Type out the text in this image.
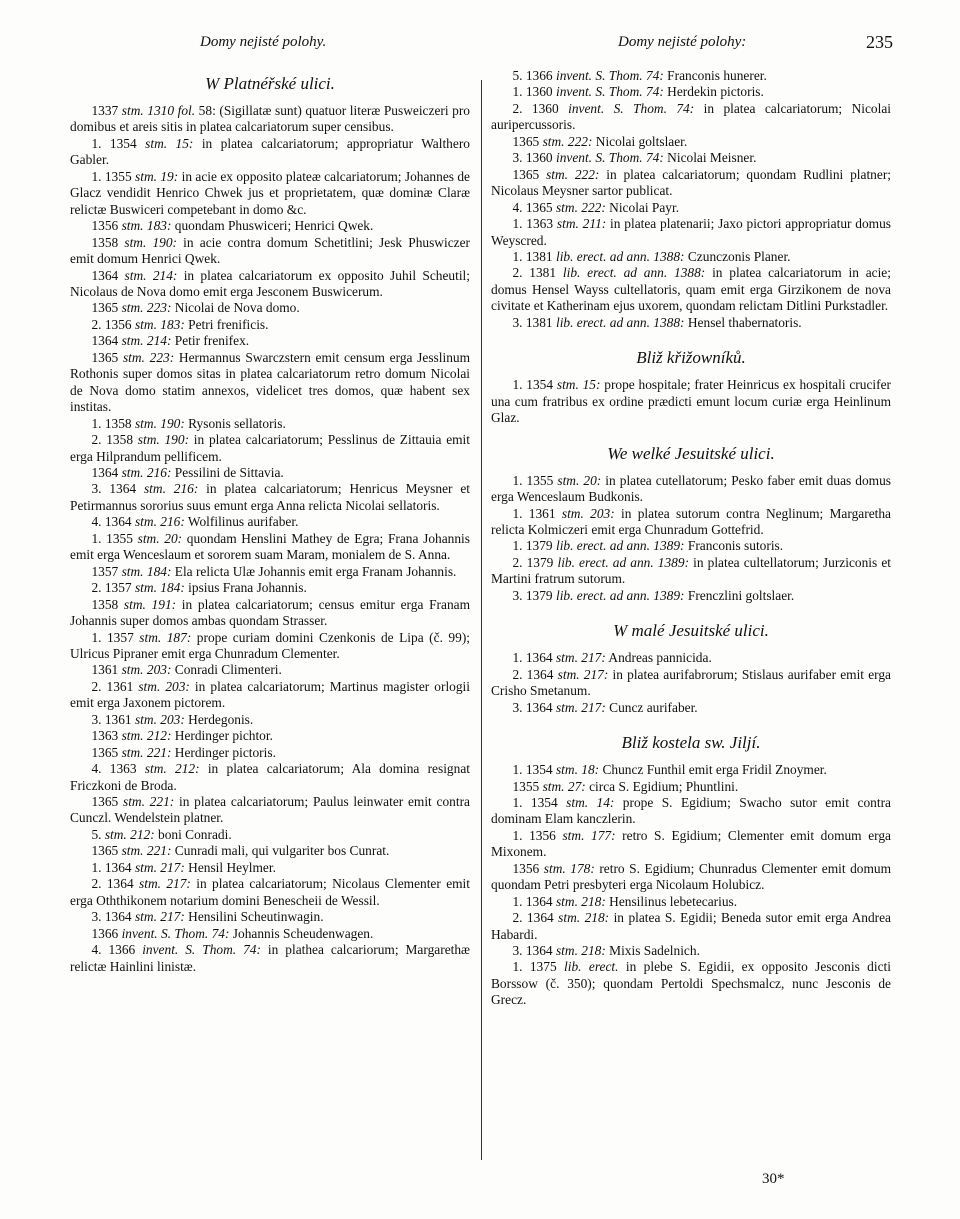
Domy nejisté polohy.	Domy nejisté polohy:	235
W Platnéřské ulici.

1337 stm. 1310 fol. 58: (Sigillatæ sunt) quatuor literæ Pusweiczeri pro domibus et areis sitis in platea calcariatorum super censibus.

1. 1354 stm. 15: in platea calcariatorum; appropriatur Walthero Gabler.

1. 1355 stm. 19: in acie ex opposito plateæ calcariatorum; Johannes de Glacz vendidit Henrico Chwek jus et proprietatem, quæ dominæ Claræ relictæ Buswiceri competebant in domo &c.

1356 stm. 183: quondam Phuswiceri; Henrici Qwek.

1358 stm. 190: in acie contra domum Schetitlini; Jesk Phuswiczer emit domum Henrici Qwek.

1364 stm. 214: in platea calcariatorum ex opposito Juhil Scheutil; Nicolaus de Nova domo emit erga Jesconem Buswicerum.

1365 stm. 223: Nicolai de Nova domo.

2. 1356 stm. 183: Petri frenificis.

1364 stm. 214: Petir frenifex.

1365 stm. 223: Hermannus Swarczstern emit censum erga Jesslinum Rothonis super domos sitas in platea calcariatorum retro domum Nicolai de Nova domo statim annexos, videlicet tres domos, quæ habent sex institas.

1. 1358 stm. 190: Rysonis sellatoris.

2. 1358 stm. 190: in platea calcariatorum; Pesslinus de Zittauia emit erga Hilprandum pellificem.

1364 stm. 216: Pessilini de Sittavia.

3. 1364 stm. 216: in platea calcariatorum; Henricus Meysner et Petirmannus sororius suus emunt erga Anna relicta Nicolai sellatoris.

4. 1364 stm. 216: Wolfilinus aurifaber.

1. 1355 stm. 20: quondam Henslini Mathey de Egra; Frana Johannis emit erga Wenceslaum et sororem suam Maram, monialem de S. Anna.

1357 stm. 184: Ela relicta Ulæ Johannis emit erga Franam Johannis.

2. 1357 stm. 184: ipsius Frana Johannis.

1358 stm. 191: in platea calcariatorum; census emitur erga Franam Johannis super domos ambas quondam Strasser.

1. 1357 stm. 187: prope curiam domini Czenkonis de Lipa (č. 99); Ulricus Pipraner emit erga Chunradum Clementer.

1361 stm. 203: Conradi Climenteri.

2. 1361 stm. 203: in platea calcariatorum; Martinus magister orlogii emit erga Jaxonem pictorem.

3. 1361 stm. 203: Herdegonis.

1363 stm. 212: Herdinger pichtor.

1365 stm. 221: Herdinger pictoris.

4. 1363 stm. 212: in platea calcariatorum; Ala domina resignat Friczkoni de Broda.

1365 stm. 221: in platea calcariatorum; Paulus leinwater emit contra Cunczl. Wendelstein platner.

5. stm. 212: boni Conradi.

1365 stm. 221: Cunradi mali, qui vulgariter bos Cunrat.

1. 1364 stm. 217: Hensil Heylmer.

2. 1364 stm. 217: in platea calcariatorum; Nicolaus Clementer emit erga Oththikonem notarium domini Benescheii de Wessil.

3. 1364 stm. 217: Hensilini Scheutinwagin.

1366 invent. S. Thom. 74: Johannis Scheudenwagen.

4. 1366 invent. S. Thom. 74: in plathea calcariorum; Margarethæ relictæ Hainlini linistæ.

5. 1366 invent. S. Thom. 74: Franconis hunerer.

1. 1360 invent. S. Thom. 74: Herdekin pictoris.

2. 1360 invent. S. Thom. 74: in platea calcariatorum; Nicolai auripercussoris.

1365 stm. 222: Nicolai goltslaer.

3. 1360 invent. S. Thom. 74: Nicolai Meisner.

1365 stm. 222: in platea calcariatorum; quondam Rudlini platner; Nicolaus Meysner sartor publicat.

4. 1365 stm. 222: Nicolai Payr.

1. 1363 stm. 211: in platea platenarii; Jaxo pictori appropriatur domus Weyscred.

1. 1381 lib. erect. ad ann. 1388: Czunczonis Planer.

2. 1381 lib. erect. ad ann. 1388: in platea calcariatorum in acie; domus Hensel Wayss cultellatoris, quam emit erga Girzikonem de nova civitate et Katherinam ejus uxorem, quondam relictam Ditlini Purkstadler.

3. 1381 lib. erect. ad ann. 1388: Hensel thabernatoris.

Bliž křižowníků.

1. 1354 stm. 15: prope hospitale; frater Heinricus ex hospitali crucifer una cum fratribus ex ordine prædicti emunt locum curiæ erga Heinlinum Glaz.

We welké Jesuitské ulici.

1. 1355 stm. 20: in platea cutellatorum; Pesko faber emit duas domus erga Wenceslaum Budkonis.

1. 1361 stm. 203: in platea sutorum contra Neglinum; Margaretha relicta Kolmiczeri emit erga Chunradum Gottefrid.

1. 1379 lib. erect. ad ann. 1389: Franconis sutoris.

2. 1379 lib. erect. ad ann. 1389: in platea cultellatorum; Jurziconis et Martini fratrum sutorum.

3. 1379 lib. erect. ad ann. 1389: Frenczlini goltslaer.

W malé Jesuitské ulici.

1. 1364 stm. 217: Andreas pannicida.

2. 1364 stm. 217: in platea aurifabrorum; Stislaus aurifaber emit erga Crisho Smetanum.

3. 1364 stm. 217: Cuncz aurifaber.

Bliž kostela sw. Jiljí.

1. 1354 stm. 18: Chuncz Funthil emit erga Fridil Znoymer.

1355 stm. 27: circa S. Egidium; Phuntlini.

1. 1354 stm. 14: prope S. Egidium; Swacho sutor emit contra dominam Elam kanczlerin.

1. 1356 stm. 177: retro S. Egidium; Clementer emit domum erga Mixonem.

1356 stm. 178: retro S. Egidium; Chunradus Clementer emit domum quondam Petri presbyteri erga Nicolaum Holubicz.

1. 1364 stm. 218: Hensilinus lebetecarius.

2. 1364 stm. 218: in platea S. Egidii; Beneda sutor emit erga Andrea Habardi.

3. 1364 stm. 218: Mixis Sadelnich.

1. 1375 lib. erect. in plebe S. Egidii, ex opposito Jesconis dicti Borssow (č. 350); quondam Pertoldi Spechsmalcz, nunc Jesconis de Grecz.

30*
